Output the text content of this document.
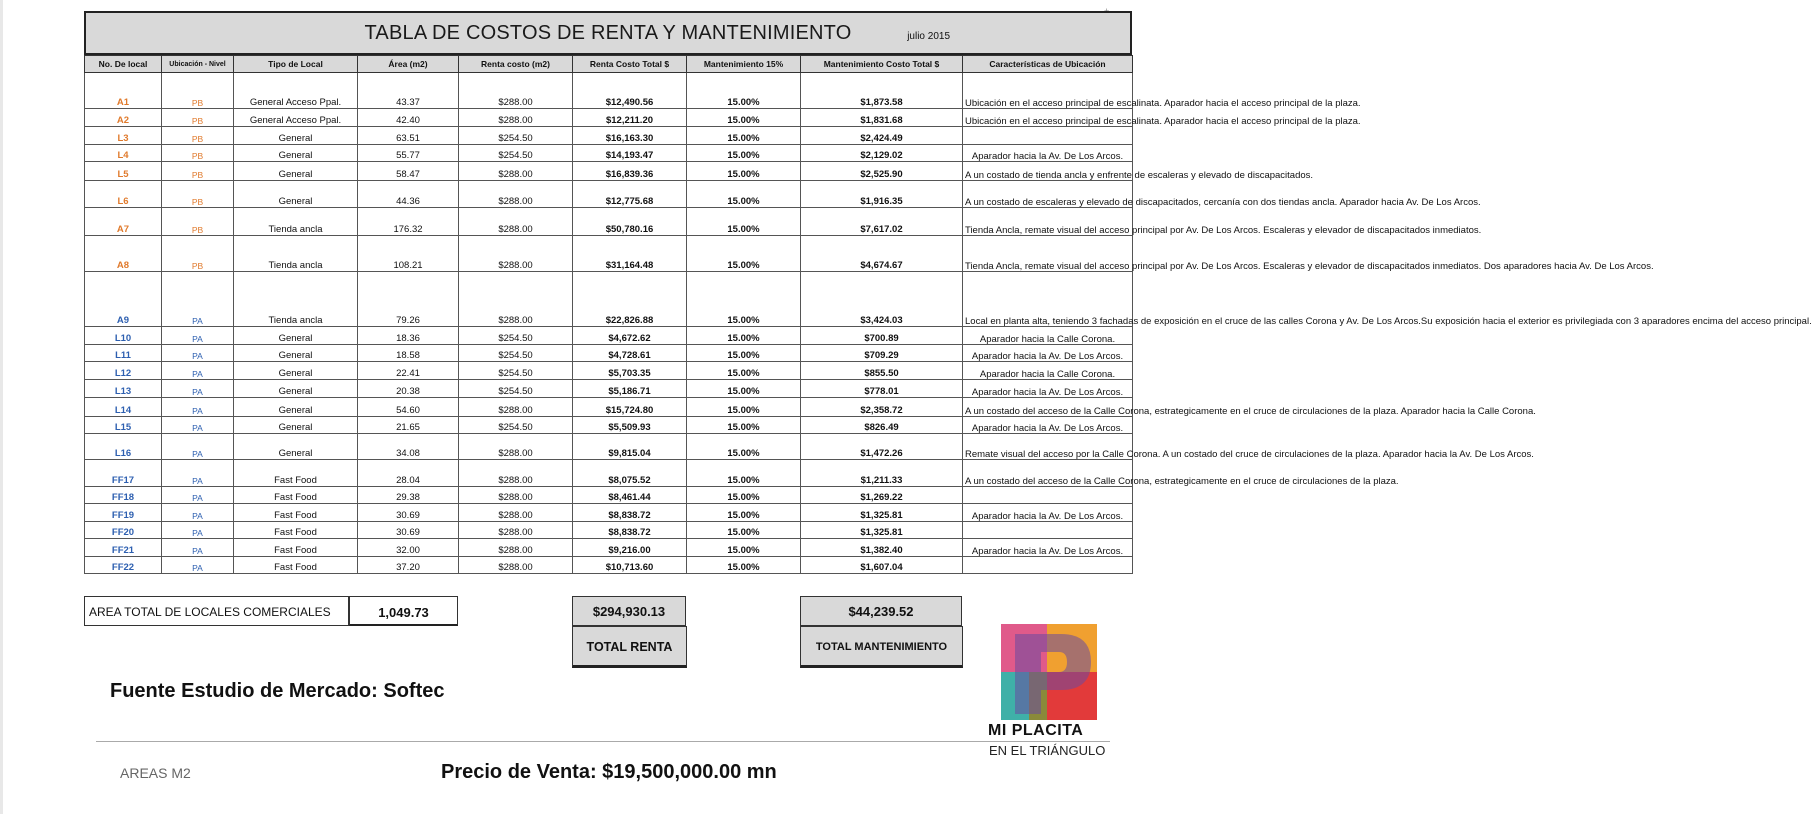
TABLA DE COSTOS DE RENTA Y MANTENIMIENTO	julio 2015
No. De local	Ubicación - Nivel	Tipo de Local	Área (m2)	Renta costo (m2)	Renta Costo Total $	Mantenimiento 15%	Mantenimiento Costo Total $	Características de Ubicación
A1	PB	General Acceso Ppal.	43.37	$288.00	$12,490.56	15.00%	$1,873.58	Ubicación en el acceso principal de escalinata. Aparador hacia el acceso principal de la plaza.
A2	PB	General Acceso Ppal.	42.40	$288.00	$12,211.20	15.00%	$1,831.68	Ubicación en el acceso principal de escalinata. Aparador hacia el acceso principal de la plaza.
L3	PB	General	63.51	$254.50	$16,163.30	15.00%	$2,424.49	
L4	PB	General	55.77	$254.50	$14,193.47	15.00%	$2,129.02	Aparador hacia la Av. De Los Arcos.
L5	PB	General	58.47	$288.00	$16,839.36	15.00%	$2,525.90	A un costado de tienda ancla y enfrente de escaleras y elevado de discapacitados.
L6	PB	General	44.36	$288.00	$12,775.68	15.00%	$1,916.35	A un costado de escaleras y elevado de discapacitados, cercanía con dos tiendas ancla. Aparador hacia Av. De Los Arcos.
A7	PB	Tienda ancla	176.32	$288.00	$50,780.16	15.00%	$7,617.02	Tienda Ancla, remate visual del acceso principal por Av. De Los Arcos. Escaleras y elevador de discapacitados inmediatos.
A8	PB	Tienda ancla	108.21	$288.00	$31,164.48	15.00%	$4,674.67	Tienda Ancla, remate visual del acceso principal por Av. De Los Arcos. Escaleras y elevador de discapacitados inmediatos. Dos aparadores hacia Av. De Los Arcos.
A9	PA	Tienda ancla	79.26	$288.00	$22,826.88	15.00%	$3,424.03	Local en planta alta, teniendo 3 fachadas de exposición en el cruce de las calles Corona y Av. De Los Arcos.Su exposición hacia el exterior es privilegiada con 3 aparadores encima del acceso principal.
L10	PA	General	18.36	$254.50	$4,672.62	15.00%	$700.89	Aparador hacia la Calle Corona.
L11	PA	General	18.58	$254.50	$4,728.61	15.00%	$709.29	Aparador hacia la Av. De Los Arcos.
L12	PA	General	22.41	$254.50	$5,703.35	15.00%	$855.50	Aparador hacia la Calle Corona.
L13	PA	General	20.38	$254.50	$5,186.71	15.00%	$778.01	Aparador hacia la Av. De Los Arcos.
L14	PA	General	54.60	$288.00	$15,724.80	15.00%	$2,358.72	A un costado del acceso de la Calle Corona, estrategicamente en el cruce de circulaciones de la plaza. Aparador hacia la Calle Corona.
L15	PA	General	21.65	$254.50	$5,509.93	15.00%	$826.49	Aparador hacia la Av. De Los Arcos.
L16	PA	General	34.08	$288.00	$9,815.04	15.00%	$1,472.26	Remate visual del acceso por la Calle Corona. A un costado del cruce de circulaciones de la plaza. Aparador hacia la Av. De Los Arcos.
FF17	PA	Fast Food	28.04	$288.00	$8,075.52	15.00%	$1,211.33	A un costado del acceso de la Calle Corona, estrategicamente en el cruce de circulaciones de la plaza.
FF18	PA	Fast Food	29.38	$288.00	$8,461.44	15.00%	$1,269.22	
FF19	PA	Fast Food	30.69	$288.00	$8,838.72	15.00%	$1,325.81	Aparador hacia la Av. De Los Arcos.
FF20	PA	Fast Food	30.69	$288.00	$8,838.72	15.00%	$1,325.81	
FF21	PA	Fast Food	32.00	$288.00	$9,216.00	15.00%	$1,382.40	Aparador hacia la Av. De Los Arcos.
FF22	PA	Fast Food	37.20	$288.00	$10,713.60	15.00%	$1,607.04	
AREA TOTAL DE LOCALES COMERCIALES	1,049.73	$294,930.13	$44,239.52
TOTAL RENTA	TOTAL MANTENIMIENTO
Fuente Estudio de Mercado: Softec
AREAS M2	Precio de Venta: $19,500,000.00 mn
MI PLACITA
EN EL TRIÁNGULO
